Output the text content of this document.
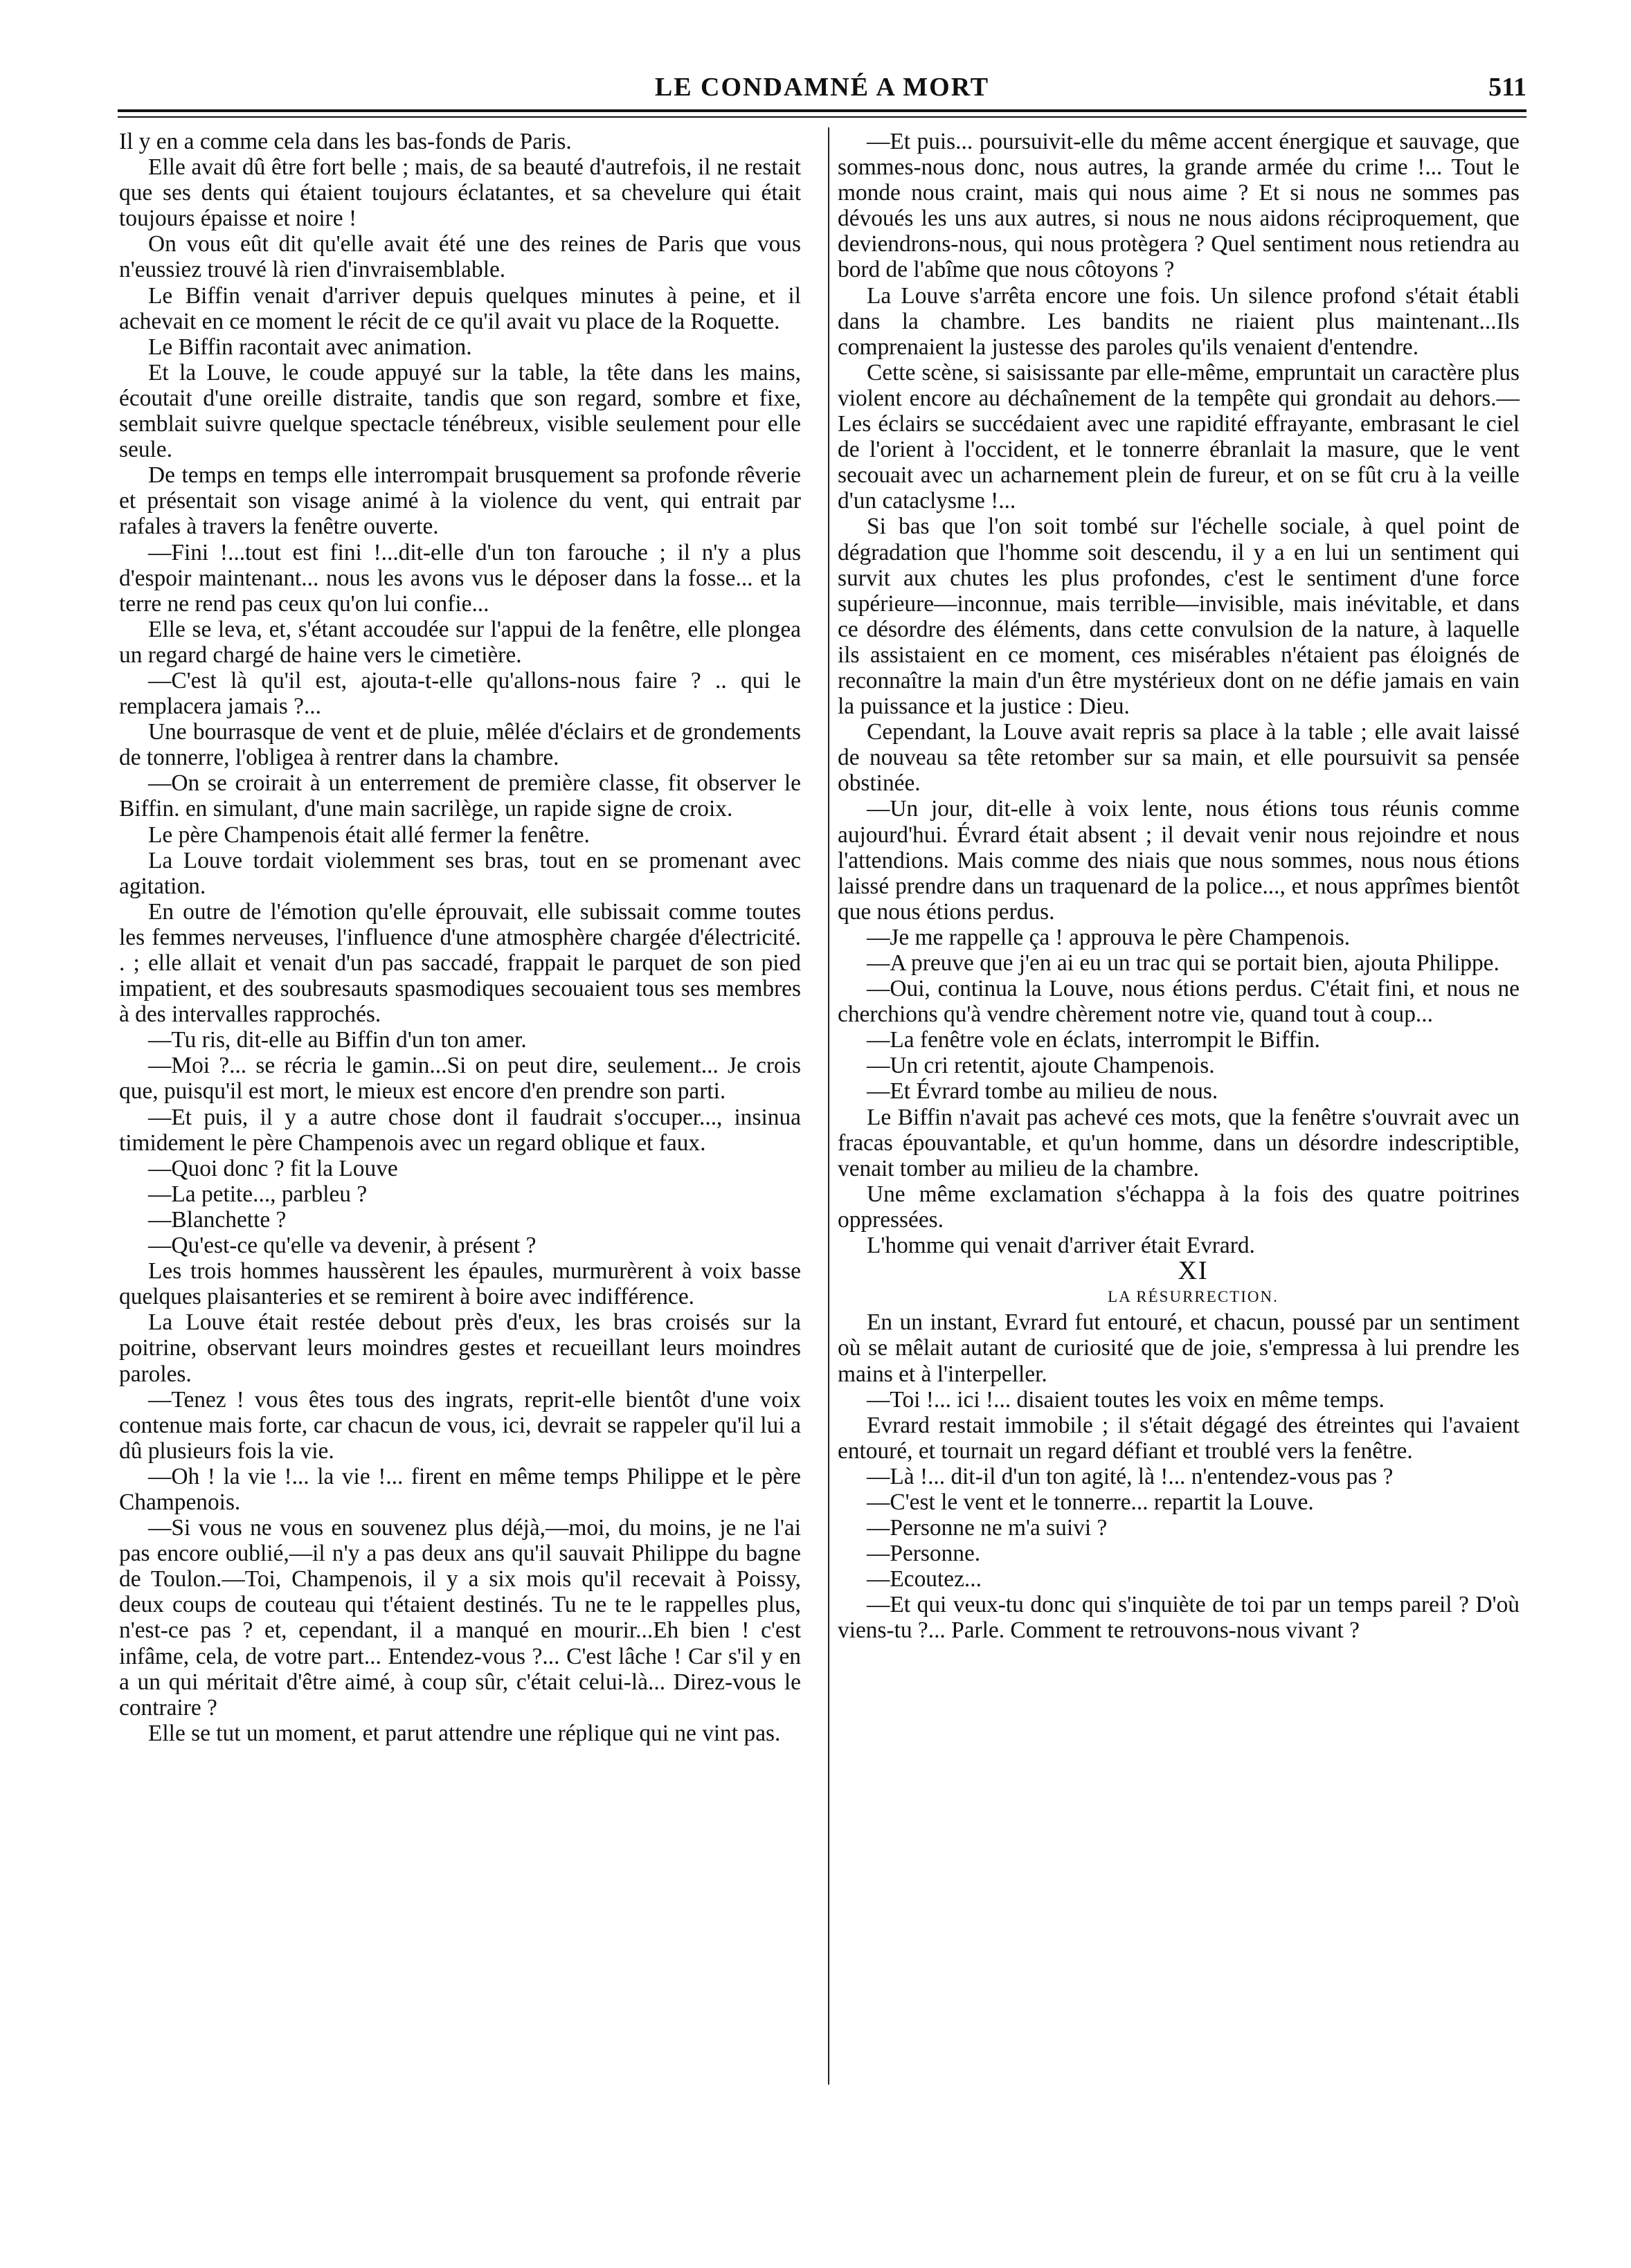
LE CONDAMNÉ A MORT	511

Il y en a comme cela dans les bas-fonds de Paris.

Elle avait dû être fort belle ; mais, de sa beauté d'autrefois, il ne restait que ses dents qui étaient toujours éclatantes, et sa chevelure qui était toujours épaisse et noire !

On vous eût dit qu'elle avait été une des reines de Paris que vous n'eussiez trouvé là rien d'invraisemblable.

Le Biffin venait d'arriver depuis quelques minutes à peine, et il achevait en ce moment le récit de ce qu'il avait vu place de la Roquette.

Le Biffin racontait avec animation.

Et la Louve, le coude appuyé sur la table, la tête dans les mains, écoutait d'une oreille distraite, tandis que son regard, sombre et fixe, semblait suivre quelque spectacle ténébreux, visible seulement pour elle seule.

De temps en temps elle interrompait brusquement sa profonde rêverie et présentait son visage animé à la violence du vent, qui entrait par rafales à travers la fenêtre ouverte.

—Fini !...tout est fini !...dit-elle d'un ton farouche ; il n'y a plus d'espoir maintenant... nous les avons vus le déposer dans la fosse... et la terre ne rend pas ceux qu'on lui confie...

Elle se leva, et, s'étant accoudée sur l'appui de la fenêtre, elle plongea un regard chargé de haine vers le cimetière.

—C'est là qu'il est, ajouta-t-elle qu'allons-nous faire ? .. qui le remplacera jamais ?...

Une bourrasque de vent et de pluie, mêlée d'éclairs et de grondements de tonnerre, l'obligea à rentrer dans la chambre.

—On se croirait à un enterrement de première classe, fit observer le Biffin. en simulant, d'une main sacrilège, un rapide signe de croix.

Le père Champenois était allé fermer la fenêtre.

La Louve tordait violemment ses bras, tout en se promenant avec agitation.

En outre de l'émotion qu'elle éprouvait, elle subissait comme toutes les femmes nerveuses, l'influence d'une atmosphère chargée d'électricité. . ; elle allait et venait d'un pas saccadé, frappait le parquet de son pied impatient, et des soubresauts spasmodiques secouaient tous ses membres à des intervalles rapprochés.

—Tu ris, dit-elle au Biffin d'un ton amer.

—Moi ?... se récria le gamin...Si on peut dire, seulement... Je crois que, puisqu'il est mort, le mieux est encore d'en prendre son parti.

—Et puis, il y a autre chose dont il faudrait s'occuper..., insinua timidement le père Champenois avec un regard oblique et faux.

—Quoi donc ? fit la Louve

—La petite..., parbleu ?

—Blanchette ?

—Qu'est-ce qu'elle va devenir, à présent ?

Les trois hommes haussèrent les épaules, murmurèrent à voix basse quelques plaisanteries et se remirent à boire avec indifférence.

La Louve était restée debout près d'eux, les bras croisés sur la poitrine, observant leurs moindres gestes et recueillant leurs moindres paroles.

—Tenez ! vous êtes tous des ingrats, reprit-elle bientôt d'une voix contenue mais forte, car chacun de vous, ici, devrait se rappeler qu'il lui a dû plusieurs fois la vie.

—Oh ! la vie !... la vie !... firent en même temps Philippe et le père Champenois.

—Si vous ne vous en souvenez plus déjà,—moi, du moins, je ne l'ai pas encore oublié,—il n'y a pas deux ans qu'il sauvait Philippe du bagne de Toulon.—Toi, Champenois, il y a six mois qu'il recevait à Poissy, deux coups de couteau qui t'étaient destinés. Tu ne te le rappelles plus, n'est-ce pas ? et, cependant, il a manqué en mourir...Eh bien ! c'est infâme, cela, de votre part... Entendez-vous ?... C'est lâche ! Car s'il y en a un qui méritait d'être aimé, à coup sûr, c'était celui-là... Direz-vous le contraire ?

Elle se tut un moment, et parut attendre une réplique qui ne vint pas.

—Et puis... poursuivit-elle du même accent énergique et sauvage, que sommes-nous donc, nous autres, la grande armée du crime !... Tout le monde nous craint, mais qui nous aime ? Et si nous ne sommes pas dévoués les uns aux autres, si nous ne nous aidons réciproquement, que deviendrons-nous, qui nous protègera ? Quel sentiment nous retiendra au bord de l'abîme que nous côtoyons ?

La Louve s'arrêta encore une fois. Un silence profond s'était établi dans la chambre. Les bandits ne riaient plus maintenant...Ils comprenaient la justesse des paroles qu'ils venaient d'entendre.

Cette scène, si saisissante par elle-même, empruntait un caractère plus violent encore au déchaînement de la tempête qui grondait au dehors.—Les éclairs se succédaient avec une rapidité effrayante, embrasant le ciel de l'orient à l'occident, et le tonnerre ébranlait la masure, que le vent secouait avec un acharnement plein de fureur, et on se fût cru à la veille d'un cataclysme !...

Si bas que l'on soit tombé sur l'échelle sociale, à quel point de dégradation que l'homme soit descendu, il y a en lui un sentiment qui survit aux chutes les plus profondes, c'est le sentiment d'une force supérieure—inconnue, mais terrible—invisible, mais inévitable, et dans ce désordre des éléments, dans cette convulsion de la nature, à laquelle ils assistaient en ce moment, ces misérables n'étaient pas éloignés de reconnaître la main d'un être mystérieux dont on ne défie jamais en vain la puissance et la justice : Dieu.

Cependant, la Louve avait repris sa place à la table ; elle avait laissé de nouveau sa tête retomber sur sa main, et elle poursuivit sa pensée obstinée.

—Un jour, dit-elle à voix lente, nous étions tous réunis comme aujourd'hui. Évrard était absent ; il devait venir nous rejoindre et nous l'attendions. Mais comme des niais que nous sommes, nous nous étions laissé prendre dans un traquenard de la police..., et nous apprîmes bientôt que nous étions perdus.

—Je me rappelle ça ! approuva le père Champenois.

—A preuve que j'en ai eu un trac qui se portait bien, ajouta Philippe.

—Oui, continua la Louve, nous étions perdus. C'était fini, et nous ne cherchions qu'à vendre chèrement notre vie, quand tout à coup...

—La fenêtre vole en éclats, interrompit le Biffin.

—Un cri retentit, ajoute Champenois.

—Et Évrard tombe au milieu de nous.

Le Biffin n'avait pas achevé ces mots, que la fenêtre s'ouvrait avec un fracas épouvantable, et qu'un homme, dans un désordre indescriptible, venait tomber au milieu de la chambre.

Une même exclamation s'échappa à la fois des quatre poitrines oppressées.

L'homme qui venait d'arriver était Evrard.

XI

LA RÉSURRECTION.

En un instant, Evrard fut entouré, et chacun, poussé par un sentiment où se mêlait autant de curiosité que de joie, s'empressa à lui prendre les mains et à l'interpeller.

—Toi !... ici !... disaient toutes les voix en même temps.

Evrard restait immobile ; il s'était dégagé des étreintes qui l'avaient entouré, et tournait un regard défiant et troublé vers la fenêtre.

—Là !... dit-il d'un ton agité, là !... n'entendez-vous pas ?

—C'est le vent et le tonnerre... repartit la Louve.

—Personne ne m'a suivi ?

—Personne.

—Ecoutez...

—Et qui veux-tu donc qui s'inquiète de toi par un temps pareil ? D'où viens-tu ?... Parle. Comment te retrouvons-nous vivant ?
